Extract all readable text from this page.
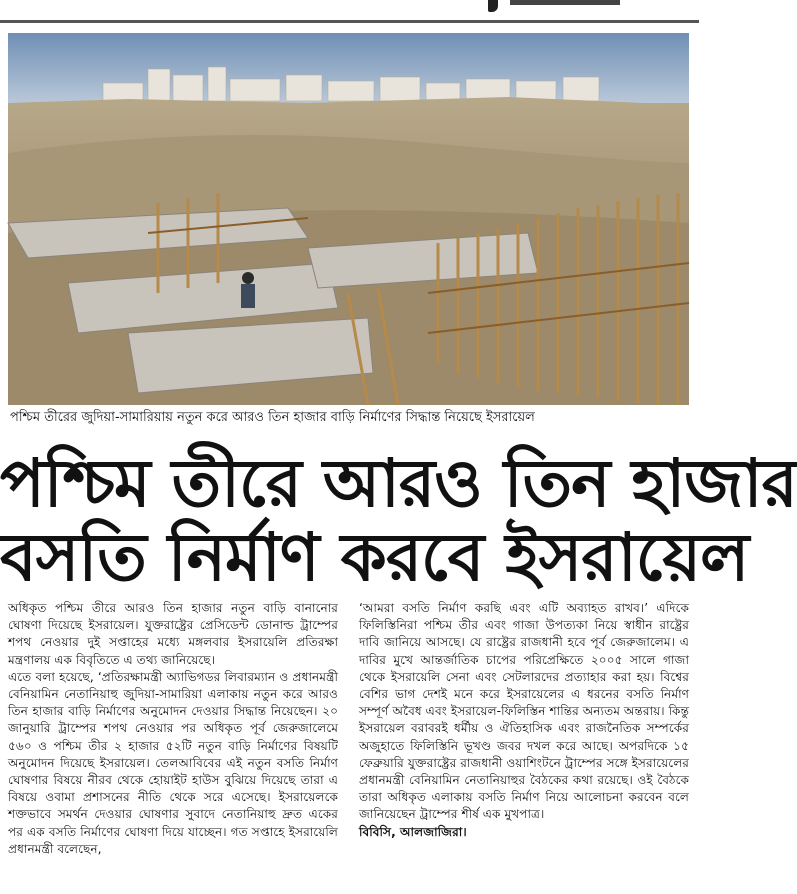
পশ্চিম তীরের জুদিয়া-সামারিয়ায় নতুন করে আরও তিন হাজার বাড়ি নির্মাণের সিদ্ধান্ত নিয়েছে ইসরায়েল
পশ্চিম তীরে আরও তিন হাজার
বসতি নির্মাণ করবে ইসরায়েল

অধিকৃত পশ্চিম তীরে আরও তিন হাজার নতুন বাড়ি বানানোর ঘোষণা দিয়েছে ইসরায়েল। যুক্তরাষ্ট্রের প্রেসিডেন্ট ডোনাল্ড ট্রাম্পের শপথ নেওয়ার দুই সপ্তাহের মধ্যে মঙ্গলবার ইসরায়েলি প্রতিরক্ষা মন্ত্রণালয় এক বিবৃতিতে এ তথ্য জানিয়েছে।

এতে বলা হয়েছে, ‘প্রতিরক্ষামন্ত্রী অ্যাভিগডর লিবারম্যান ও প্রধানমন্ত্রী বেনিয়ামিন নেতানিয়াহু জুদিয়া-সামারিয়া এলাকায় নতুন করে আরও তিন হাজার বাড়ি নির্মাণের অনুমোদন দেওয়ার সিদ্ধান্ত নিয়েছেন। ২০ জানুয়ারি ট্রাম্পের শপথ নেওয়ার পর অধিকৃত পূর্ব জেরুজালেমে ৫৬০ ও পশ্চিম তীর ২ হাজার ৫২টি নতুন বাড়ি নির্মাণের বিষয়টি অনুমোদন দিয়েছে ইসরায়েল। তেলআবিবের এই নতুন বসতি নির্মাণ ঘোষণার বিষয়ে নীরব থেকে হোয়াইট হাউস বুঝিয়ে দিয়েছে তারা এ বিষয়ে ওবামা প্রশাসনের নীতি থেকে সরে এসেছে। ইসরায়েলকে শক্তভাবে সমর্থন দেওয়ার ঘোষণার সুবাদে নেতানিয়াহু দ্রুত একের পর এক বসতি নির্মাণের ঘোষণা দিয়ে যাচ্ছেন। গত সপ্তাহে ইসরায়েলি প্রধানমন্ত্রী বলেছেন,

‘আমরা বসতি নির্মাণ করছি এবং এটি অব্যাহত রাখব।’ এদিকে ফিলিস্তিনিরা পশ্চিম তীর এবং গাজা উপত্যকা নিয়ে স্বাধীন রাষ্ট্রের দাবি জানিয়ে আসছে। যে রাষ্ট্রের রাজধানী হবে পূর্ব জেরুজালেম। এ দাবির মুখে আন্তর্জাতিক চাপের পরিপ্রেক্ষিতে ২০০৫ সালে গাজা থেকে ইসরায়েলি সেনা এবং সেটলারদের প্রত্যাহার করা হয়। বিশ্বের বেশির ভাগ দেশই মনে করে ইসরায়েলের এ ধরনের বসতি নির্মাণ সম্পূর্ণ অবৈধ এবং ইসরায়েল-ফিলিস্তিন শান্তির অন্যতম অন্তরায়। কিন্তু ইসরায়েল বরাবরই ধর্মীয় ও ঐতিহাসিক এবং রাজনৈতিক সম্পর্কের অজুহাতে ফিলিস্তিনি ভূখণ্ড জবর দখল করে আছে। অপরদিকে ১৫ ফেব্রুয়ারি যুক্তরাষ্ট্রের রাজধানী ওয়াশিংটনে ট্রাম্পের সঙ্গে ইসরায়েলের প্রধানমন্ত্রী বেনিয়ামিন নেতানিয়াহুর বৈঠকের কথা রয়েছে। ওই বৈঠকে তারা অধিকৃত এলাকায় বসতি নির্মাণ নিয়ে আলোচনা করবেন বলে জানিয়েছেন ট্রাম্পের শীর্ষ এক মুখপাত্র।

বিবিসি, আলজাজিরা।
